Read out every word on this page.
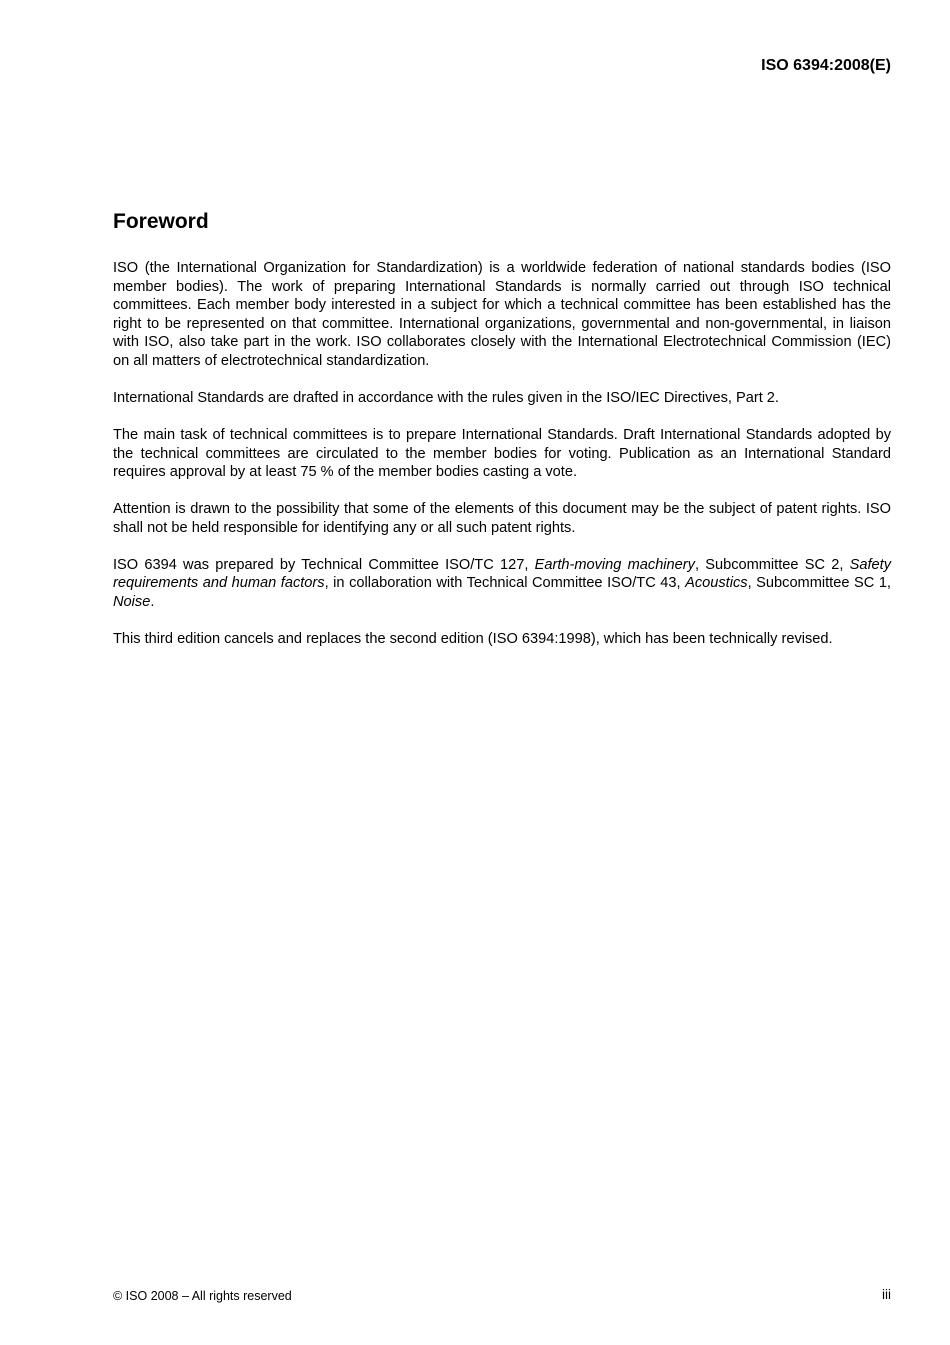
ISO 6394:2008(E)
Foreword

ISO (the International Organization for Standardization) is a worldwide federation of national standards bodies (ISO member bodies). The work of preparing International Standards is normally carried out through ISO technical committees. Each member body interested in a subject for which a technical committee has been established has the right to be represented on that committee. International organizations, governmental and non-governmental, in liaison with ISO, also take part in the work. ISO collaborates closely with the International Electrotechnical Commission (IEC) on all matters of electrotechnical standardization.

International Standards are drafted in accordance with the rules given in the ISO/IEC Directives, Part 2.

The main task of technical committees is to prepare International Standards. Draft International Standards adopted by the technical committees are circulated to the member bodies for voting. Publication as an International Standard requires approval by at least 75 % of the member bodies casting a vote.

Attention is drawn to the possibility that some of the elements of this document may be the subject of patent rights. ISO shall not be held responsible for identifying any or all such patent rights.

ISO 6394 was prepared by Technical Committee ISO/TC 127, Earth-moving machinery, Subcommittee SC 2, Safety requirements and human factors, in collaboration with Technical Committee ISO/TC 43, Acoustics, Subcommittee SC 1, Noise.

This third edition cancels and replaces the second edition (ISO 6394:1998), which has been technically revised.

© ISO 2008 – All rights reserved	iii
